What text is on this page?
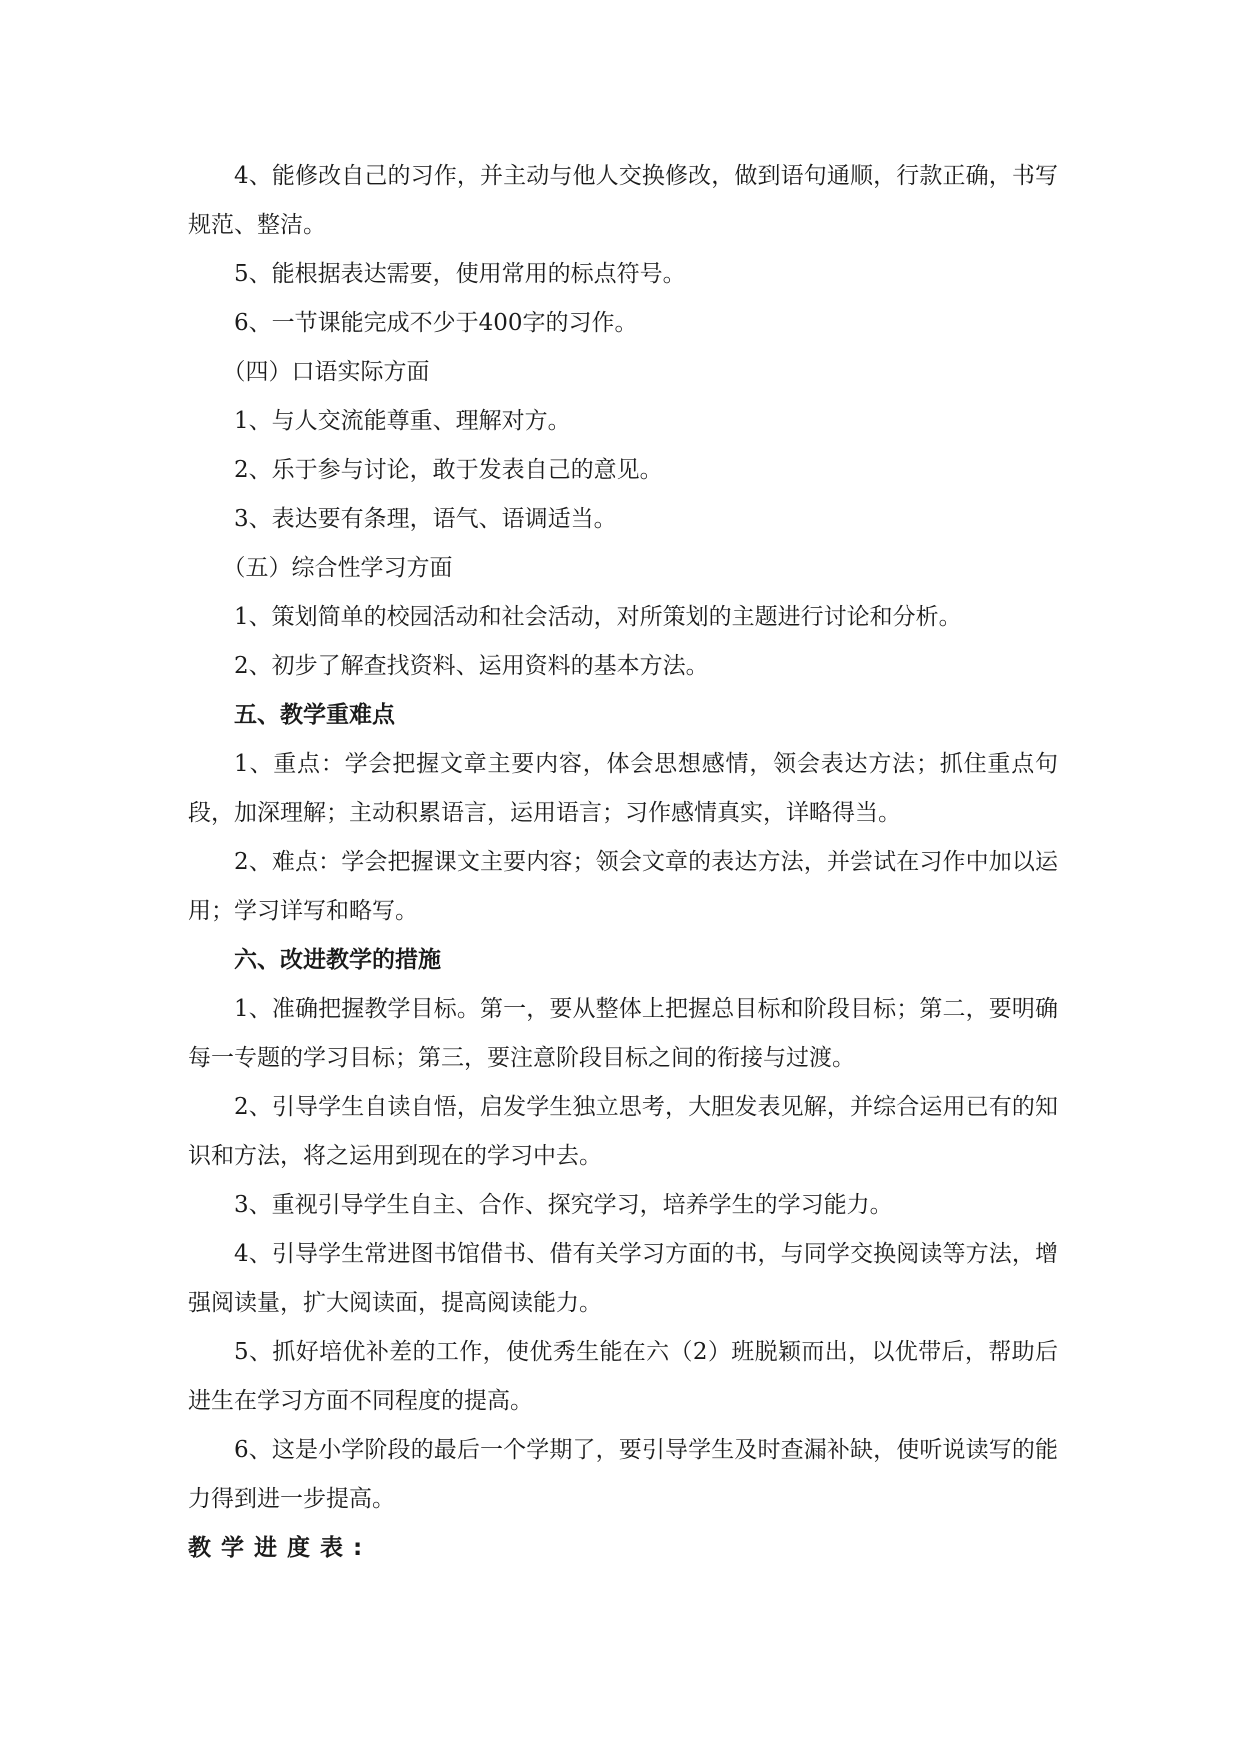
4、能修改自己的习作，并主动与他人交换修改，做到语句通顺，行款正确，书写规范、整洁。

5、能根据表达需要，使用常用的标点符号。

6、一节课能完成不少于400字的习作。

（四）口语实际方面

1、与人交流能尊重、理解对方。

2、乐于参与讨论，敢于发表自己的意见。

3、表达要有条理，语气、语调适当。

（五）综合性学习方面

1、策划简单的校园活动和社会活动，对所策划的主题进行讨论和分析。

2、初步了解查找资料、运用资料的基本方法。

五、教学重难点

1、重点：学会把握文章主要内容，体会思想感情，领会表达方法；抓住重点句段，加深理解；主动积累语言，运用语言；习作感情真实，详略得当。

2、难点：学会把握课文主要内容；领会文章的表达方法，并尝试在习作中加以运用；学习详写和略写。

六、改进教学的措施

1、准确把握教学目标。第一，要从整体上把握总目标和阶段目标；第二，要明确每一专题的学习目标；第三，要注意阶段目标之间的衔接与过渡。

2、引导学生自读自悟，启发学生独立思考，大胆发表见解，并综合运用已有的知识和方法，将之运用到现在的学习中去。

3、重视引导学生自主、合作、探究学习，培养学生的学习能力。

4、引导学生常进图书馆借书、借有关学习方面的书，与同学交换阅读等方法，增强阅读量，扩大阅读面，提高阅读能力。

5、抓好培优补差的工作，使优秀生能在六（2）班脱颖而出，以优带后，帮助后进生在学习方面不同程度的提高。

6、这是小学阶段的最后一个学期了，要引导学生及时查漏补缺，使听说读写的能力得到进一步提高。

教学进度表:
